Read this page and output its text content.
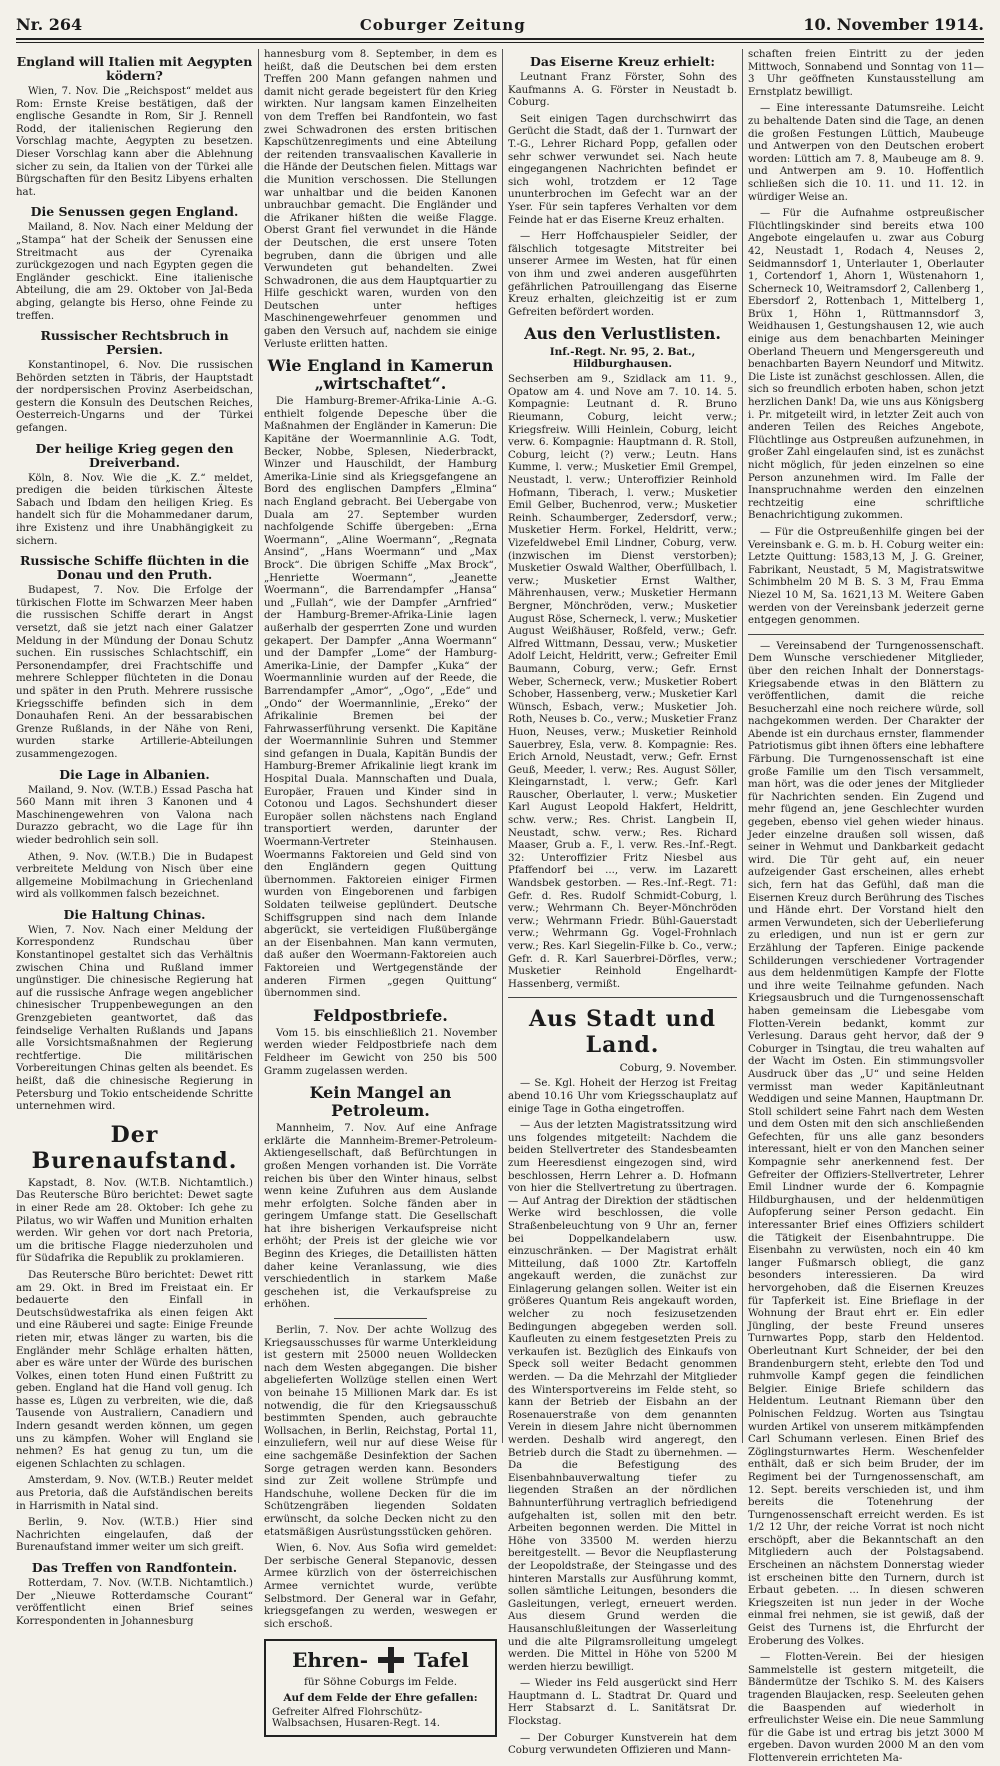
Nr. 264	Coburger Zeitung	10. November 1914.
England will Italien mit Aegypten ködern?

Wien, 7. Nov. Die „Reichspost“ meldet aus Rom: Ernste Kreise bestätigen, daß der englische Gesandte in Rom, Sir J. Rennell Rodd, der italienischen Regierung den Vorschlag machte, Aegypten zu besetzen. Dieser Vorschlag kann aber die Ablehnung sicher zu sein, da Italien von der Türkei alle Bürgschaften für den Besitz Libyens erhalten hat.

Die Senussen gegen England.

Mailand, 8. Nov. Nach einer Meldung der „Stampa“ hat der Scheik der Senussen eine Streitmacht aus der Cyrenaika zurückgezogen und nach Egypten gegen die Engländer geschickt. Eine italienische Abteilung, die am 29. Oktober von Jal-Beda abging, gelangte bis Herso, ohne Feinde zu treffen.

Russischer Rechtsbruch in Persien.

Konstantinopel, 6. Nov. Die russischen Behörden setzten in Täbris, der Hauptstadt der nordpersischen Provinz Aserbeidschan, gestern die Konsuln des Deutschen Reiches, Oesterreich-Ungarns und der Türkei gefangen.

Der heilige Krieg gegen den Dreiverband.

Köln, 8. Nov. Wie die „K. Z.“ meldet, predigen die beiden türkischen Älteste Sabach und Ibdam den heiligen Krieg. Es handelt sich für die Mohammedaner darum, ihre Existenz und ihre Unabhängigkeit zu sichern.

Russische Schiffe flüchten in die Donau und den Pruth.

Budapest, 7. Nov. Die Erfolge der türkischen Flotte im Schwarzen Meer haben die russischen Schiffe derart in Angst versetzt, daß sie jetzt nach einer Galatzer Meldung in der Mündung der Donau Schutz suchen. Ein russisches Schlachtschiff, ein Personendampfer, drei Frachtschiffe und mehrere Schlepper flüchteten in die Donau und später in den Pruth. Mehrere russische Kriegsschiffe befinden sich in dem Donauhafen Reni. An der bessarabischen Grenze Rußlands, in der Nähe von Reni, wurden starke Artillerie-Abteilungen zusammengezogen.

Die Lage in Albanien.

Mailand, 9. Nov. (W.T.B.) Essad Pascha hat 560 Mann mit ihren 3 Kanonen und 4 Maschinengewehren von Valona nach Durazzo gebracht, wo die Lage für ihn wieder bedrohlich sein soll.

Athen, 9. Nov. (W.T.B.) Die in Budapest verbreitete Meldung von Nisch über eine allgemeine Mobilmachung in Griechenland wird als vollkommen falsch bezeichnet.

Die Haltung Chinas.

Wien, 7. Nov. Nach einer Meldung der Korrespondenz Rundschau über Konstantinopel gestaltet sich das Verhältnis zwischen China und Rußland immer ungünstiger. Die chinesische Regierung hat auf die russische Anfrage wegen angeblicher chinesischer Truppenbewegungen an den Grenzgebieten geantwortet, daß das feindselige Verhalten Rußlands und Japans alle Vorsichtsmaßnahmen der Regierung rechtfertige. Die militärischen Vorbereitungen Chinas gelten als beendet. Es heißt, daß die chinesische Regierung in Petersburg und Tokio entscheidende Schritte unternehmen wird.

Der Burenaufstand.

Kapstadt, 8. Nov. (W.T.B. Nichtamtlich.) Das Reutersche Büro berichtet: Dewet sagte in einer Rede am 28. Oktober: Ich gehe zu Pilatus, wo wir Waffen und Munition erhalten werden. Wir gehen vor dort nach Pretoria, um die britische Flagge niederzuholen und für Südafrika die Republik zu proklamieren.

Das Reutersche Büro berichtet: Dewet ritt am 29. Okt. in Bred im Freistaat ein. Er bedauerte den Einfall in Deutschsüdwestafrika als einen feigen Akt und eine Räuberei und sagte: Einige Freunde rieten mir, etwas länger zu warten, bis die Engländer mehr Schläge erhalten hätten, aber es wäre unter der Würde des burischen Volkes, einen toten Hund einen Fußtritt zu geben. England hat die Hand voll genug. Ich hasse es, Lügen zu verbreiten, wie die, daß Tausende von Australiern, Canadiern und Indern gesandt werden können, um gegen uns zu kämpfen. Woher will England sie nehmen? Es hat genug zu tun, um die eigenen Schlachten zu schlagen.

Amsterdam, 9. Nov. (W.T.B.) Reuter meldet aus Pretoria, daß die Aufständischen bereits in Harrismith in Natal sind.

Berlin, 9. Nov. (W.T.B.) Hier sind Nachrichten eingelaufen, daß der Burenaufstand immer weiter um sich greift.

Das Treffen von Randfontein.

Rotterdam, 7. Nov. (W.T.B. Nichtamtlich.) Der „Nieuwe Rotterdamsche Courant“ veröffentlicht einen Brief seines Korrespondenten in Johannesburg

hannesburg vom 8. September, in dem es heißt, daß die Deutschen bei dem ersten Treffen 200 Mann gefangen nahmen und damit nicht gerade begeistert für den Krieg wirkten. Nur langsam kamen Einzelheiten von dem Treffen bei Randfontein, wo fast zwei Schwadronen des ersten britischen Kapschützenregiments und eine Abteilung der reitenden transvaalischen Kavallerie in die Hände der Deutschen fielen. Mittags war die Munition verschossen. Die Stellungen war unhaltbar und die beiden Kanonen unbrauchbar gemacht. Die Engländer und die Afrikaner hißten die weiße Flagge. Oberst Grant fiel verwundet in die Hände der Deutschen, die erst unsere Toten begruben, dann die übrigen und alle Verwundeten gut behandelten. Zwei Schwadronen, die aus dem Hauptquartier zu Hilfe geschickt waren, wurden von den Deutschen unter heftiges Maschinengewehrfeuer genommen und gaben den Versuch auf, nachdem sie einige Verluste erlitten hatten.

Wie England in Kamerun „wirtschaftet“.

Die Hamburg-Bremer-Afrika-Linie A.-G. enthielt folgende Depesche über die Maßnahmen der Engländer in Kamerun: Die Kapitäne der Woermannlinie A.G. Todt, Becker, Nobbe, Splesen, Niederbrackt, Winzer und Hauschildt, der Hamburg Amerika-Linie sind als Kriegsgefangene an Bord des englischen Dampfers „Elmina“ nach England gebracht. Bei Uebergabe von Duala am 27. September wurden nachfolgende Schiffe übergeben: „Erna Woermann“, „Aline Woermann“, „Regnata Ansind“, „Hans Woermann“ und „Max Brock“. Die übrigen Schiffe „Max Brock“, „Henriette Woermann“, „Jeanette Woermann“, die Barrendampfer „Hansa“ und „Fullah“, wie der Dampfer „Arnfried“ der Hamburg-Bremer-Afrika-Linie lagen außerhalb der gesperrten Zone und wurden gekapert. Der Dampfer „Anna Woermann“ und der Dampfer „Lome“ der Hamburg-Amerika-Linie, der Dampfer „Kuka“ der Woermannlinie wurden auf der Reede, die Barrendampfer „Amor“, „Ogo“, „Ede“ und „Ondo“ der Woermannlinie, „Ereko“ der Afrikalinie Bremen bei der Fahrwasserführung versenkt. Die Kapitäne der Woermannlinie Suhren und Stemmer sind gefangen in Duala, Kapitän Bundis der Hamburg-Bremer Afrikalinie liegt krank im Hospital Duala. Mannschaften und Duala, Europäer, Frauen und Kinder sind in Cotonou und Lagos. Sechshundert dieser Europäer sollen nächstens nach England transportiert werden, darunter der Woermann-Vertreter Steinhausen. Woermanns Faktoreien und Geld sind von den Engländern gegen Quittung übernommen. Faktoreien einiger Firmen wurden von Eingeborenen und farbigen Soldaten teilweise geplündert. Deutsche Schiffsgruppen sind nach dem Inlande abgerückt, sie verteidigen Flußübergänge an der Eisenbahnen. Man kann vermuten, daß außer den Woermann-Faktoreien auch Faktoreien und Wertgegenstände der anderen Firmen „gegen Quittung“ übernommen sind.

Feldpostbriefe.

Vom 15. bis einschließlich 21. November werden wieder Feldpostbriefe nach dem Feldheer im Gewicht von 250 bis 500 Gramm zugelassen werden.

Kein Mangel an Petroleum.

Mannheim, 7. Nov. Auf eine Anfrage erklärte die Mannheim-Bremer-Petroleum-Aktiengesellschaft, daß Befürchtungen in großen Mengen vorhanden ist. Die Vorräte reichen bis über den Winter hinaus, selbst wenn keine Zufuhren aus dem Auslande mehr erfolgten. Solche fänden aber in geringem Umfange statt. Die Gesellschaft hat ihre bisherigen Verkaufspreise nicht erhöht; der Preis ist der gleiche wie vor Beginn des Krieges, die Detaillisten hätten daher keine Veranlassung, wie dies verschiedentlich in starkem Maße geschehen ist, die Verkaufspreise zu erhöhen.

Berlin, 7. Nov. Der achte Wollzug des Kriegsausschusses für warme Unterkleidung ist gestern mit 25000 neuen Wolldecken nach dem Westen abgegangen. Die bisher abgelieferten Wollzüge stellen einen Wert von beinahe 15 Millionen Mark dar. Es ist notwendig, die für den Kriegsausschuß bestimmten Spenden, auch gebrauchte Wollsachen, in Berlin, Reichstag, Portal 11, einzuliefern, weil nur auf diese Weise für eine sachgemäße Desinfektion der Sachen Sorge getragen werden kann. Besonders sind zur Zeit wollene Strümpfe und Handschuhe, wollene Decken für die im Schützengräben liegenden Soldaten erwünscht, da solche Decken nicht zu den etatsmäßigen Ausrüstungsstücken gehören.

Wien, 6. Nov. Aus Sofia wird gemeldet: Der serbische General Stepanovic, dessen Armee kürzlich von der österreichischen Armee vernichtet wurde, verübte Selbstmord. Der General war in Gefahr, kriegsgefangen zu werden, weswegen er sich erschoß.

Ehren- Tafel
für Söhne Coburgs im Felde.
Auf dem Felde der Ehre gefallen:
Gefreiter Alfred Flohrschütz-Walbsachsen, Husaren-Regt. 14.
Das Eiserne Kreuz erhielt:

Leutnant Franz Förster, Sohn des Kaufmanns A. G. Förster in Neustadt b. Coburg.

Seit einigen Tagen durchschwirrt das Gerücht die Stadt, daß der 1. Turnwart der T.-G., Lehrer Richard Popp, gefallen oder sehr schwer verwundet sei. Nach heute eingegangenen Nachrichten befindet er sich wohl, trotzdem er 12 Tage ununterbrochen im Gefecht war an der Yser. Für sein tapferes Verhalten vor dem Feinde hat er das Eiserne Kreuz erhalten.

— Herr Hoffchauspieler Seidler, der fälschlich totgesagte Mitstreiter bei unserer Armee im Westen, hat für einen von ihm und zwei anderen ausgeführten gefährlichen Patrouillengang das Eiserne Kreuz erhalten, gleichzeitig ist er zum Gefreiten befördert worden.

Aus den Verlustlisten.
Inf.-Regt. Nr. 95, 2. Bat., Hildburghausen.

Sechserben am 9., Szidlack am 11. 9., Opatow am 4. und Nove am 7. 10. 14. 5. Kompagnie: Leutnant d. R. Bruno Rieumann, Coburg, leicht verw.; Kriegsfreiw. Willi Heinlein, Coburg, leicht verw. 6. Kompagnie: Hauptmann d. R. Stoll, Coburg, leicht (?) verw.; Leutn. Hans Kumme, l. verw.; Musketier Emil Grempel, Neustadt, l. verw.; Unteroffizier Reinhold Hofmann, Tiberach, l. verw.; Musketier Emil Gelber, Buchenrod, verw.; Musketier Reinh. Schaumberger, Zedersdorf, verw.; Musketier Herm. Forkel, Heldritt, verw.; Vizefeldwebel Emil Lindner, Coburg, verw. (inzwischen im Dienst verstorben); Musketier Oswald Walther, Oberfüllbach, l. verw.; Musketier Ernst Walther, Mährenhausen, verw.; Musketier Hermann Bergner, Mönchröden, verw.; Musketier August Röse, Scherneck, l. verw.; Musketier August Weißhäuser, Roßfeld, verw.; Gefr. Alfred Wittmann, Dessau, verw.; Musketier Adolf Leicht, Heldritt, verw.; Gefreiter Emil Baumann, Coburg, verw.; Gefr. Ernst Weber, Scherneck, verw.; Musketier Robert Schober, Hassenberg, verw.; Musketier Karl Wünsch, Esbach, verw.; Musketier Joh. Roth, Neuses b. Co., verw.; Musketier Franz Huon, Neuses, verw.; Musketier Reinhold Sauerbrey, Esla, verw. 8. Kompagnie: Res. Erich Arnold, Neustadt, verw.; Gefr. Ernst Geuß, Meeder, l. verw.; Res. August Söller, Kleingarnstadt, l. verw.; Gefr. Karl Rauscher, Oberlauter, l. verw.; Musketier Karl August Leopold Hakfert, Heldritt, schw. verw.; Res. Christ. Langbein II, Neustadt, schw. verw.; Res. Richard Maaser, Grub a. F., l. verw. Res.-Inf.-Regt. 32: Unteroffizier Fritz Niesbel aus Pfaffendorf bei ..., verw. im Lazarett Wandsbek gestorben. — Res.-Inf.-Regt. 71: Gefr. d. Res. Rudolf Schmidt-Coburg, l. verw.; Wehrmann Ch. Beyer-Mönchröden verw.; Wehrmann Friedr. Bühl-Gauerstadt verw.; Wehrmann Gg. Vogel-Frohnlach verw.; Res. Karl Siegelin-Filke b. Co., verw.; Gefr. d. R. Karl Sauerbrei-Dörfles, verw.; Musketier Reinhold Engelhardt-Hassenberg, vermißt.

Aus Stadt und Land.
Coburg, 9. November.

— Se. Kgl. Hoheit der Herzog ist Freitag abend 10.16 Uhr vom Kriegsschauplatz auf einige Tage in Gotha eingetroffen.

— Aus der letzten Magistratssitzung wird uns folgendes mitgeteilt: Nachdem die beiden Stellvertreter des Standesbeamten zum Heeresdienst eingezogen sind, wird beschlossen, Herrn Lehrer a. D. Hofmann von hier die Stellvertretung zu übertragen. — Auf Antrag der Direktion der städtischen Werke wird beschlossen, die volle Straßenbeleuchtung von 9 Uhr an, ferner bei Doppelkandelabern usw. einzuschränken. — Der Magistrat erhält Mitteilung, daß 1000 Ztr. Kartoffeln angekauft werden, die zunächst zur Einlagerung gelangen sollen. Weiter ist ein größeres Quantum Reis angekauft worden, welcher zu noch fesizusetzenden Bedingungen abgegeben werden soll. Kaufleuten zu einem festgesetzten Preis zu verkaufen ist. Bezüglich des Einkaufs von Speck soll weiter Bedacht genommen werden. — Da die Mehrzahl der Mitglieder des Wintersportvereins im Felde steht, so kann der Betrieb der Eisbahn an der Rosenauerstraße von dem genannten Verein in diesem Jahre nicht übernommen werden. Deshalb wird angeregt, den Betrieb durch die Stadt zu übernehmen. — Da die Befestigung des Eisenbahnbauverwaltung tiefer zu liegenden Straßen an der nördlichen Bahnunterführung vertraglich befriedigend aufgehalten ist, sollen mit den betr. Arbeiten begonnen werden. Die Mittel in Höhe von 33500 M. werden hierzu bereitgestellt. — Bevor die Neupflasterung der Leopoldstraße, der Steingasse und des hinteren Marstalls zur Ausführung kommt, sollen sämtliche Leitungen, besonders die Gasleitungen, verlegt, erneuert werden. Aus diesem Grund werden die Hausanschlußleitungen der Wasserleitung und die alte Pilgramsrolleitung umgelegt werden. Die Mittel in Höhe von 5200 M werden hierzu bewilligt.

— Wieder ins Feld ausgerückt sind Herr Hauptmann d. L. Stadtrat Dr. Quard und Herr Stabsarzt d. L. Sanitätsrat Dr. Flockstag.

— Der Coburger Kunstverein hat dem Coburg verwundeten Offizieren und Mann-

schaften freien Eintritt zu der jeden Mittwoch, Sonnabend und Sonntag von 11—3 Uhr geöffneten Kunstausstellung am Ernstplatz bewilligt.

— Eine interessante Datumsreihe. Leicht zu behaltende Daten sind die Tage, an denen die großen Festungen Lüttich, Maubeuge und Antwerpen von den Deutschen erobert worden: Lüttich am 7. 8, Maubeuge am 8. 9. und Antwerpen am 9. 10. Hoffentlich schließen sich die 10. 11. und 11. 12. in würdiger Weise an.

— Für die Aufnahme ostpreußischer Flüchtlingskinder sind bereits etwa 100 Angebote eingelaufen u. zwar aus Coburg 42, Neustadt 1, Rodach 4, Neuses 2, Seidmannsdorf 1, Unterlauter 1, Oberlauter 1, Cortendorf 1, Ahorn 1, Wüstenahorn 1, Scherneck 10, Weitramsdorf 2, Callenberg 1, Ebersdorf 2, Rottenbach 1, Mittelberg 1, Brüx 1, Höhn 1, Rüttmannsdorf 3, Weidhausen 1, Gestungshausen 12, wie auch einige aus dem benachbarten Meininger Oberland Theuern und Mengersgereuth und benachbarten Bayern Neundorf und Mitwitz. Die Liste ist zunächst geschlossen. Allen, die sich so freundlich erboten haben, schon jetzt herzlichen Dank! Da, wie uns aus Königsberg i. Pr. mitgeteilt wird, in letzter Zeit auch von anderen Teilen des Reiches Angebote, Flüchtlinge aus Ostpreußen aufzunehmen, in großer Zahl eingelaufen sind, ist es zunächst nicht möglich, für jeden einzelnen so eine Person anzunehmen wird. Im Falle der Inanspruchnahme werden den einzelnen rechtzeitig eine schriftliche Benachrichtigung zukommen.

— Für die Ostpreußenhilfe gingen bei der Vereinsbank e. G. m. b. H. Coburg weiter ein: Letzte Quittung: 1583,13 M, J. G. Greiner, Fabrikant, Neustadt, 5 M, Magistratswitwe Schimbhelm 20 M B. S. 3 M, Frau Emma Niezel 10 M, Sa. 1621,13 M. Weitere Gaben werden von der Vereinsbank jederzeit gerne entgegen genommen.

— Vereinsabend der Turngenossenschaft. Dem Wunsche verschiedener Mitglieder, über den reichen Inhalt der Donnerstags-Kriegsabende etwas in den Blättern zu veröffentlichen, damit die reiche Besucherzahl eine noch reichere würde, soll nachgekommen werden. Der Charakter der Abende ist ein durchaus ernster, flammender Patriotismus gibt ihnen öfters eine lebhaftere Färbung. Die Turngenossenschaft ist eine große Familie um den Tisch versammelt, man hört, was die oder jenes der Mitglieder für Nachrichten senden. Ein Zugend und mehr fügend an, jene Geschlechter wurden gegeben, ebenso viel gehen wieder hinaus. Jeder einzelne draußen soll wissen, daß seiner in Wehmut und Dankbarkeit gedacht wird. Die Tür geht auf, ein neuer aufzeigender Gast erscheinen, alles erhebt sich, fern hat das Gefühl, daß man die Eisernen Kreuz durch Berührung des Tisches und Hände ehrt. Der Vorstand hielt den armen Verwundeten, sich der Ueberlieferung zu erledigen, und nun ist er gern zur Erzählung der Tapferen. Einige packende Schilderungen verschiedener Vortragender aus dem heldenmütigen Kampfe der Flotte und ihre weite Teilnahme gefunden. Nach Kriegsausbruch und die Turngenossenschaft haben gemeinsam die Liebesgabe vom Flotten-Verein bedankt, kommt zur Verlesung. Daraus geht hervor, daß der 9 Coburger in Tsingtau, die treu wahalten auf der Wacht im Osten. Ein stimmungsvoller Ausdruck über das „U“ und seine Helden vermisst man weder Kapitänleutnant Weddigen und seine Mannen, Hauptmann Dr. Stoll schildert seine Fahrt nach dem Westen und dem Osten mit den sich anschließenden Gefechten, für uns alle ganz besonders interessant, hielt er von den Manchen seiner Kompagnie sehr anerkennend fest. Der Gefreiter der Offiziers-Stellvertreter, Lehrer Emil Lindner wurde der 6. Kompagnie Hildburghausen, und der heldenmütigen Aufopferung seiner Person gedacht. Ein interessanter Brief eines Offiziers schildert die Tätigkeit der Eisenbahntruppe. Die Eisenbahn zu verwüsten, noch ein 40 km langer Fußmarsch obliegt, die ganz besonders interessieren. Da wird hervorgehoben, daß die Eisernen Kreuzes für Tapferkeit ist. Eine Brieflage in der Wohnung der Braut ehrt er. Ein edler Jüngling, der beste Freund unseres Turnwartes Popp, starb den Heldentod. Oberleutnant Kurt Schneider, der bei den Brandenburgern steht, erlebte den Tod und ruhmvolle Kampf gegen die feindlichen Belgier. Einige Briefe schildern das Heldentum. Leutnant Riemann über den Polnischen Feldzug. Worten aus Tsingtau wurden Artikel von unserem mitkämpfenden Carl Schumann verlesen. Einen Brief des Zöglingsturnwartes Herm. Weschenfelder enthält, daß er sich beim Bruder, der im Regiment bei der Turngenossenschaft, am 12. Sept. bereits verschieden ist, und ihm bereits die Totenehrung der Turngenossenschaft erreicht werden. Es ist 1/2 12 Uhr, der reiche Vorrat ist noch nicht erschöpft, aber die Bekanntschaft an den Mitgliedern auch der Polstagsabend. Erscheinen an nächstem Donnerstag wieder ist erscheinen bitte den Turnern, durch ist Erbaut gebeten. ... In diesen schweren Kriegszeiten ist nun jeder in der Woche einmal frei nehmen, sie ist gewiß, daß der Geist des Turnens ist, die Ehrfurcht der Eroberung des Volkes.

— Flotten-Verein. Bei der hiesigen Sammelstelle ist gestern mitgeteilt, die Bändermütze der Tschiko S. M. des Kaisers tragenden Blaujacken, resp. Seeleuten gehen die Baaspenden auf wiederholt in erfreulichster Weise ein. Die neue Sammlung für die Gabe ist und ertrag bis jetzt 3000 M ergeben. Davon wurden 2000 M an den vom Flottenverein errichteten Ma-
